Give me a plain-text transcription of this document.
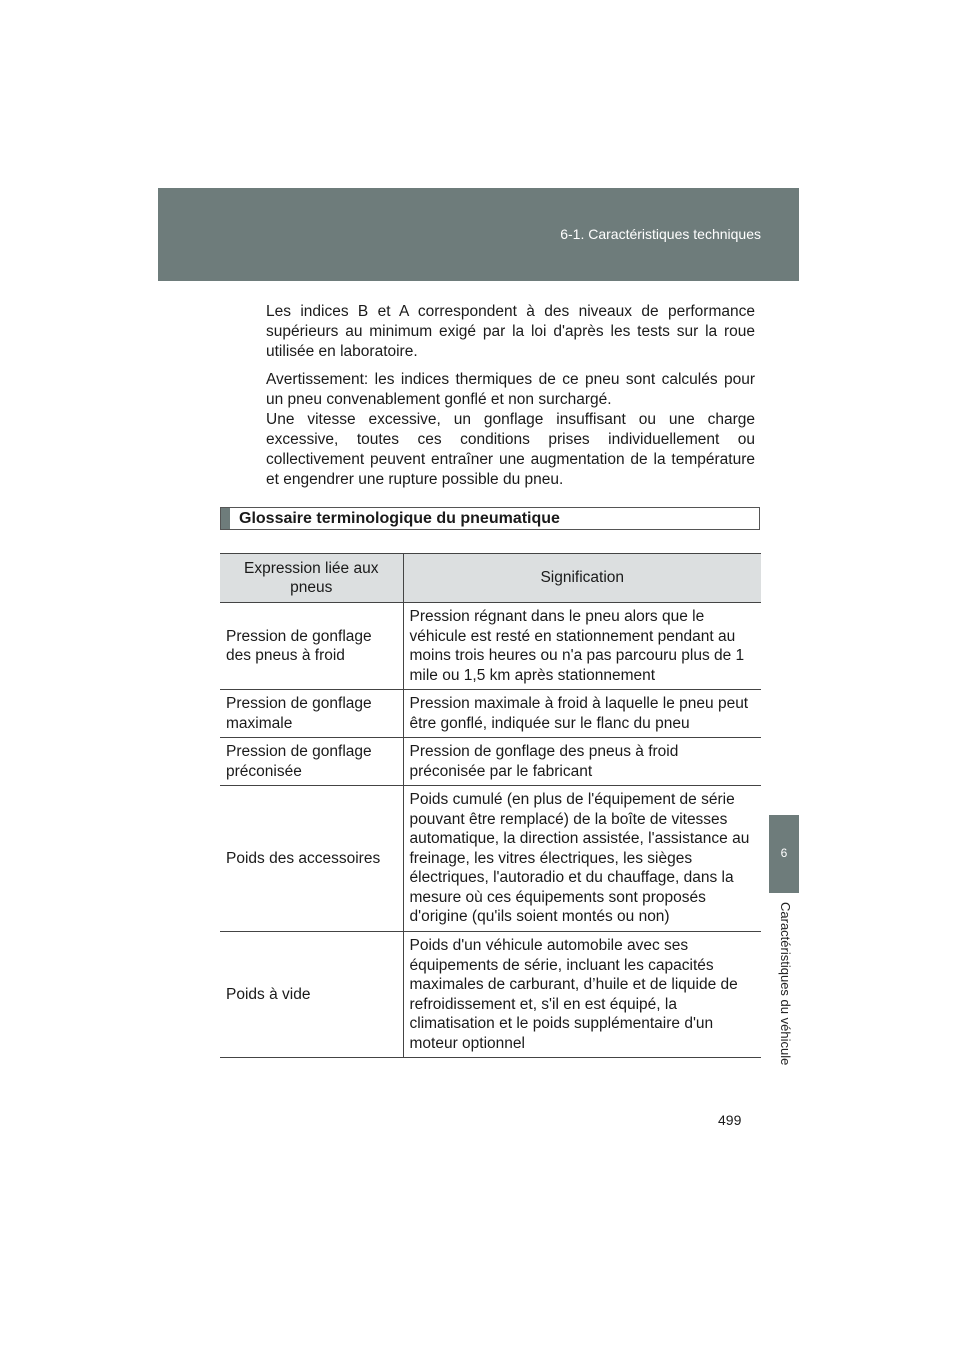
6-1. Caractéristiques techniques
6
Caractéristiques du véhicule

Les indices B et A correspondent à des niveaux de performance supérieurs au minimum exigé par la loi d'après les tests sur la roue utilisée en laboratoire.

Avertissement: les indices thermiques de ce pneu sont calculés pour un pneu convenablement gonflé et non surchargé.
Une vitesse excessive, un gonflage insuffisant ou une charge excessive, toutes ces conditions prises individuellement ou collectivement peuvent entraîner une augmentation de la température et engendrer une rupture possible du pneu.
Glossaire terminologique du pneumatique
Expression liée aux pneus	Signification
Pression de gonflage des pneus à froid	Pression régnant dans le pneu alors que le véhicule est resté en stationnement pendant au moins trois heures ou n'a pas parcouru plus de 1 mile ou 1,5 km après stationnement
Pression de gonflage maximale	Pression maximale à froid à laquelle le pneu peut être gonflé, indiquée sur le flanc du pneu
Pression de gonflage préconisée	Pression de gonflage des pneus à froid préconisée par le fabricant
Poids des accessoires	Poids cumulé (en plus de l'équipement de série pouvant être remplacé) de la boîte de vitesses automatique, la direction assistée, l'assistance au freinage, les vitres électriques, les sièges électriques, l'autoradio et du chauffage, dans la mesure où ces équipements sont proposés d'origine (qu'ils soient montés ou non)
Poids à vide	Poids d'un véhicule automobile avec ses équipements de série, incluant les capacités maximales de carburant, d’huile et de liquide de refroidissement et, s'il en est équipé, la climatisation et le poids supplémentaire d'un moteur optionnel
499
